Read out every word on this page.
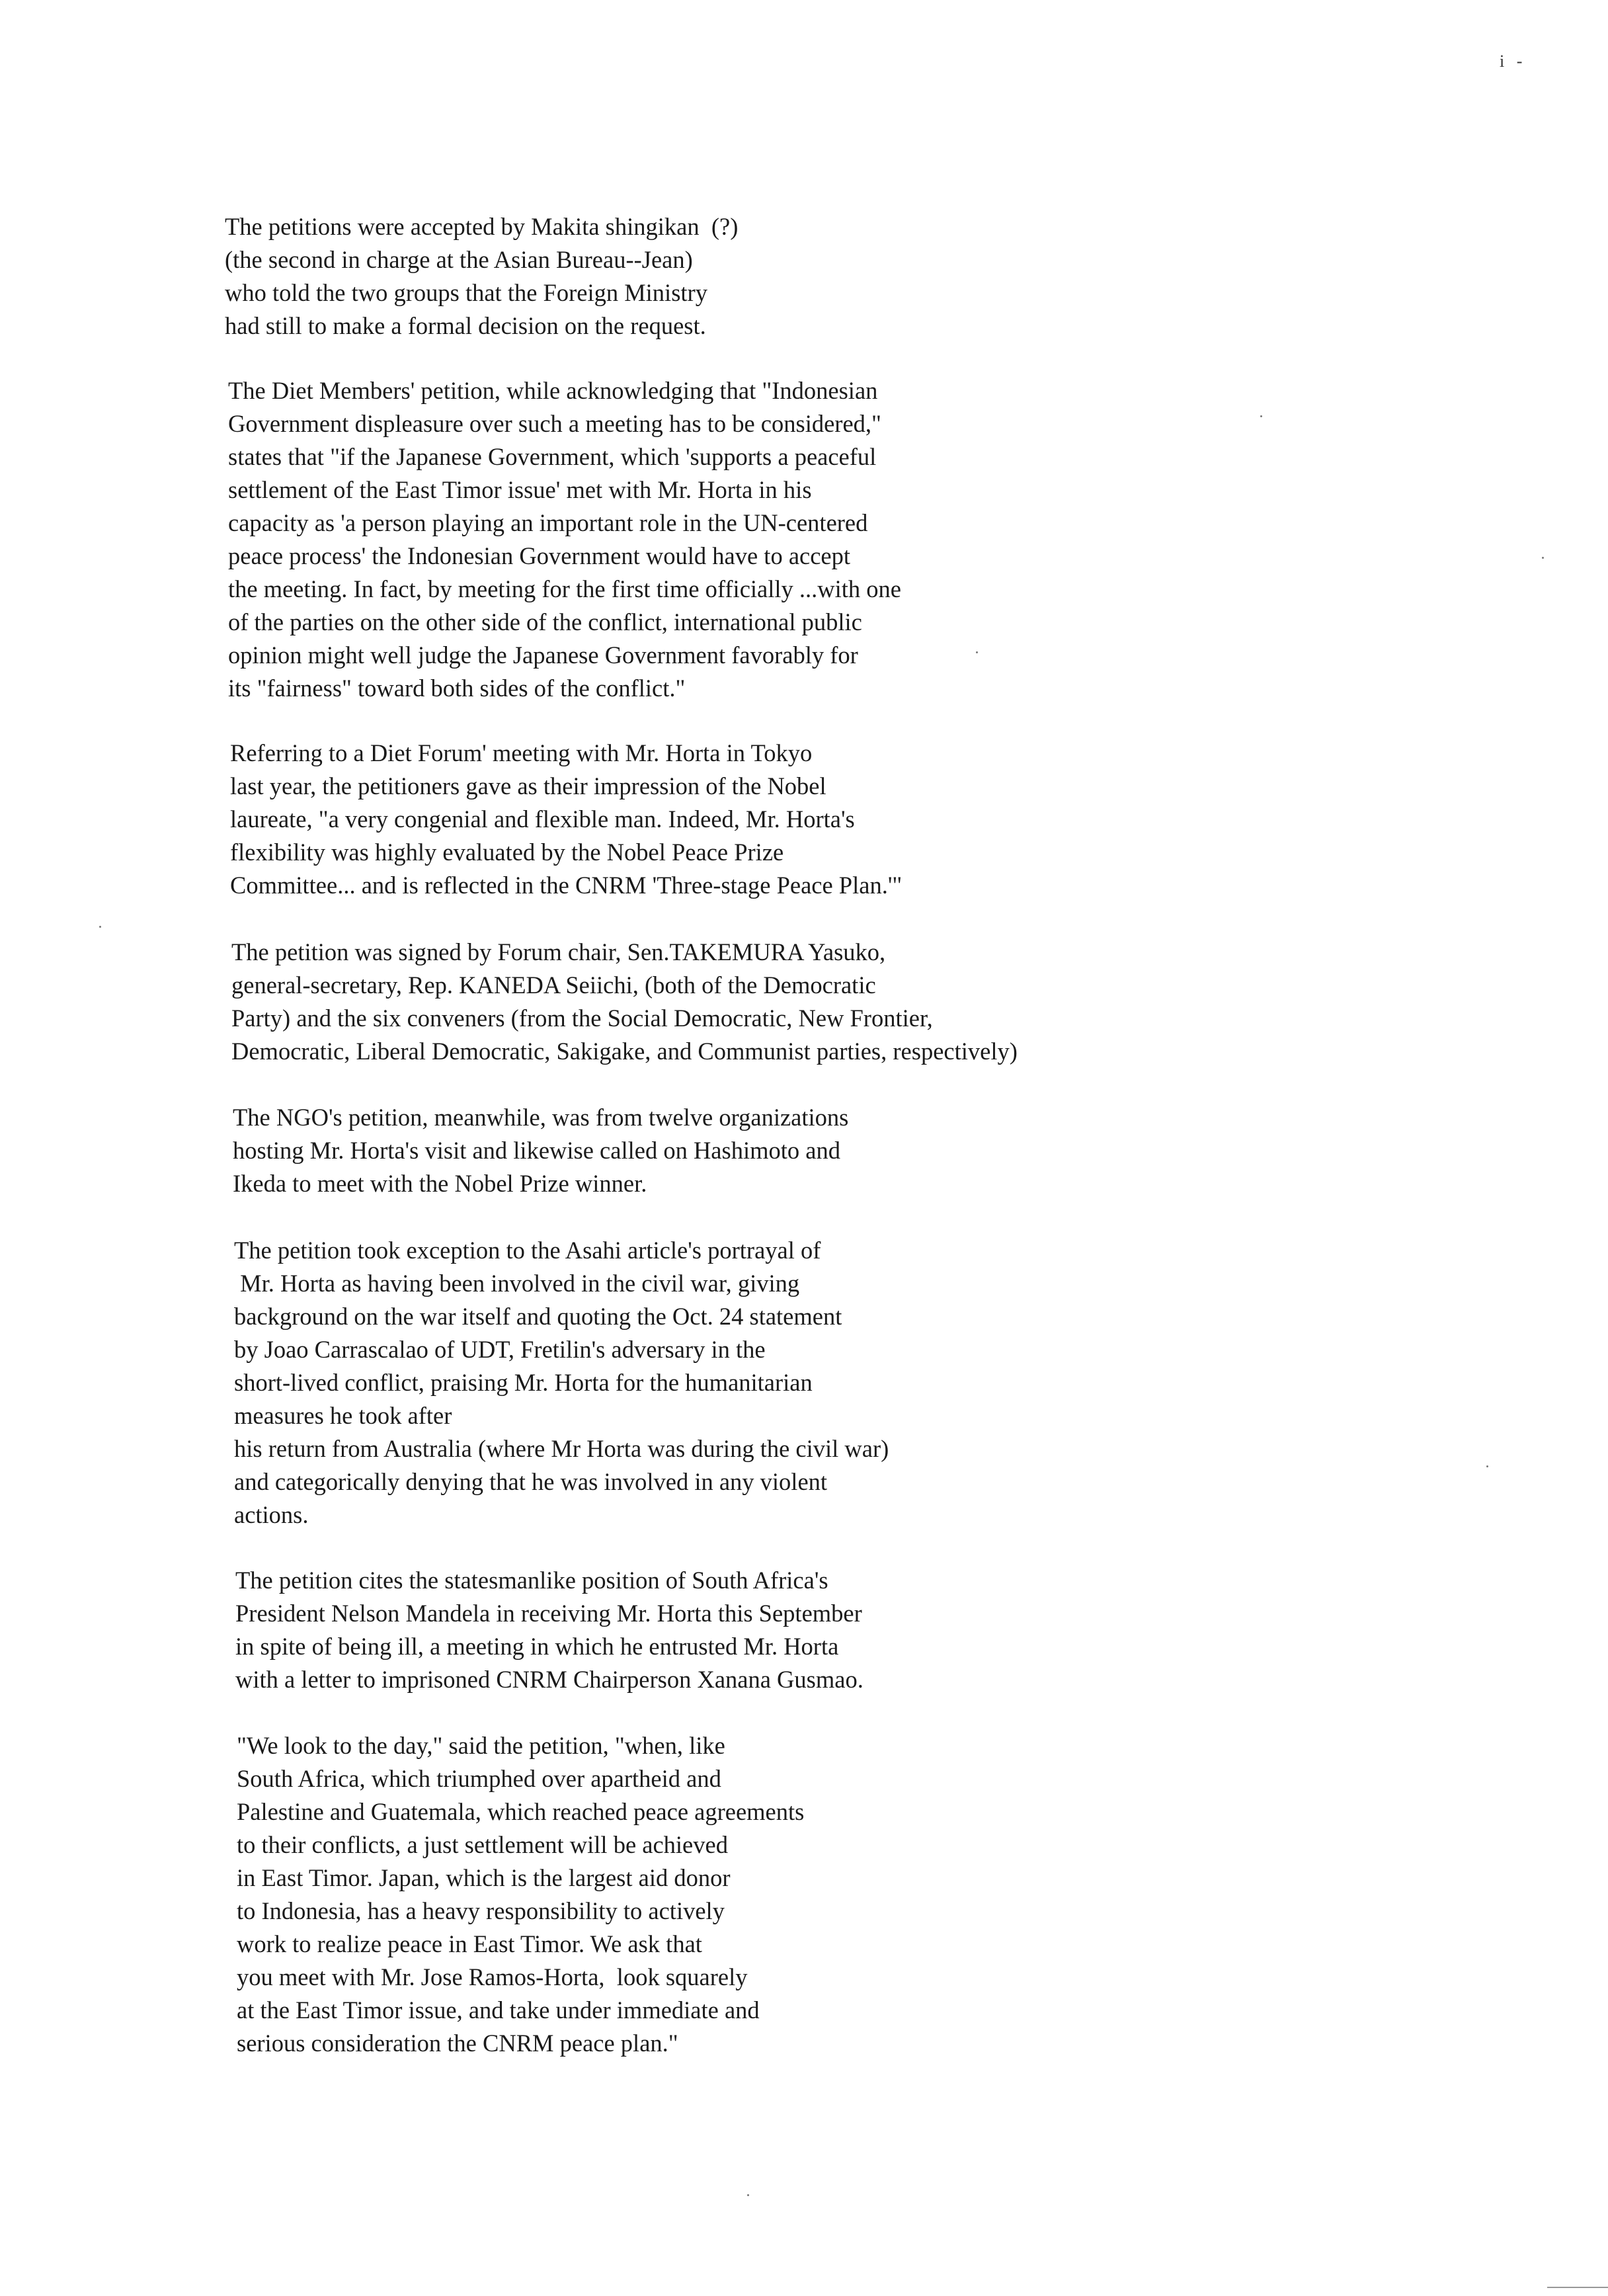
i -
The petitions were accepted by Makita shingikan  (?)
(the second in charge at the Asian Bureau--Jean)
who told the two groups that the Foreign Ministry
had still to make a formal decision on the request.
The Diet Members' petition, while acknowledging that "Indonesian
Government displeasure over such a meeting has to be considered,"
states that "if the Japanese Government, which 'supports a peaceful
settlement of the East Timor issue' met with Mr. Horta in his
capacity as 'a person playing an important role in the UN-centered
peace process' the Indonesian Government would have to accept
the meeting. In fact, by meeting for the first time officially ...with one
of the parties on the other side of the conflict, international public
opinion might well judge the Japanese Government favorably for
its "fairness" toward both sides of the conflict."
Referring to a Diet Forum' meeting with Mr. Horta in Tokyo
last year, the petitioners gave as their impression of the Nobel
laureate, "a very congenial and flexible man. Indeed, Mr. Horta's
flexibility was highly evaluated by the Nobel Peace Prize
Committee... and is reflected in the CNRM 'Three-stage Peace Plan.'"
The petition was signed by Forum chair, Sen.TAKEMURA Yasuko,
general-secretary, Rep. KANEDA Seiichi, (both of the Democratic
Party) and the six conveners (from the Social Democratic, New Frontier,
Democratic, Liberal Democratic, Sakigake, and Communist parties, respectively)
The NGO's petition, meanwhile, was from twelve organizations
hosting Mr. Horta's visit and likewise called on Hashimoto and
Ikeda to meet with the Nobel Prize winner.
The petition took exception to the Asahi article's portrayal of
Mr. Horta as having been involved in the civil war, giving
background on the war itself and quoting the Oct. 24 statement
by Joao Carrascalao of UDT, Fretilin's adversary in the
short-lived conflict, praising Mr. Horta for the humanitarian
measures he took after
his return from Australia (where Mr Horta was during the civil war)
and categorically denying that he was involved in any violent
actions.
The petition cites the statesmanlike position of South Africa's
President Nelson Mandela in receiving Mr. Horta this September
in spite of being ill, a meeting in which he entrusted Mr. Horta
with a letter to imprisoned CNRM Chairperson Xanana Gusmao.
"We look to the day," said the petition, "when, like
South Africa, which triumphed over apartheid and
Palestine and Guatemala, which reached peace agreements
to their conflicts, a just settlement will be achieved
in East Timor. Japan, which is the largest aid donor
to Indonesia, has a heavy responsibility to actively
work to realize peace in East Timor. We ask that
you meet with Mr. Jose Ramos-Horta,  look squarely
at the East Timor issue, and take under immediate and
serious consideration the CNRM peace plan."
